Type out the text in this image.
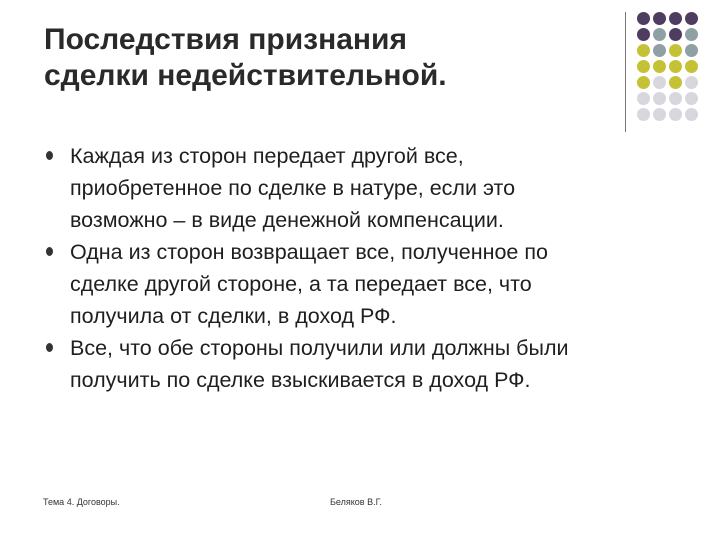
Последствия признания
сделки недействительной.
Каждая из сторон передает другой все,
приобретенное по сделке в натуре, если это
возможно – в виде денежной компенсации.
Одна из сторон возвращает все, полученное по
сделке другой стороне, а та передает все, что
получила от сделки, в доход РФ.
Все, что обе стороны получили или должны были
получить по сделке взыскивается в доход РФ.
Тема 4. Договоры.	Беляков В.Г.
